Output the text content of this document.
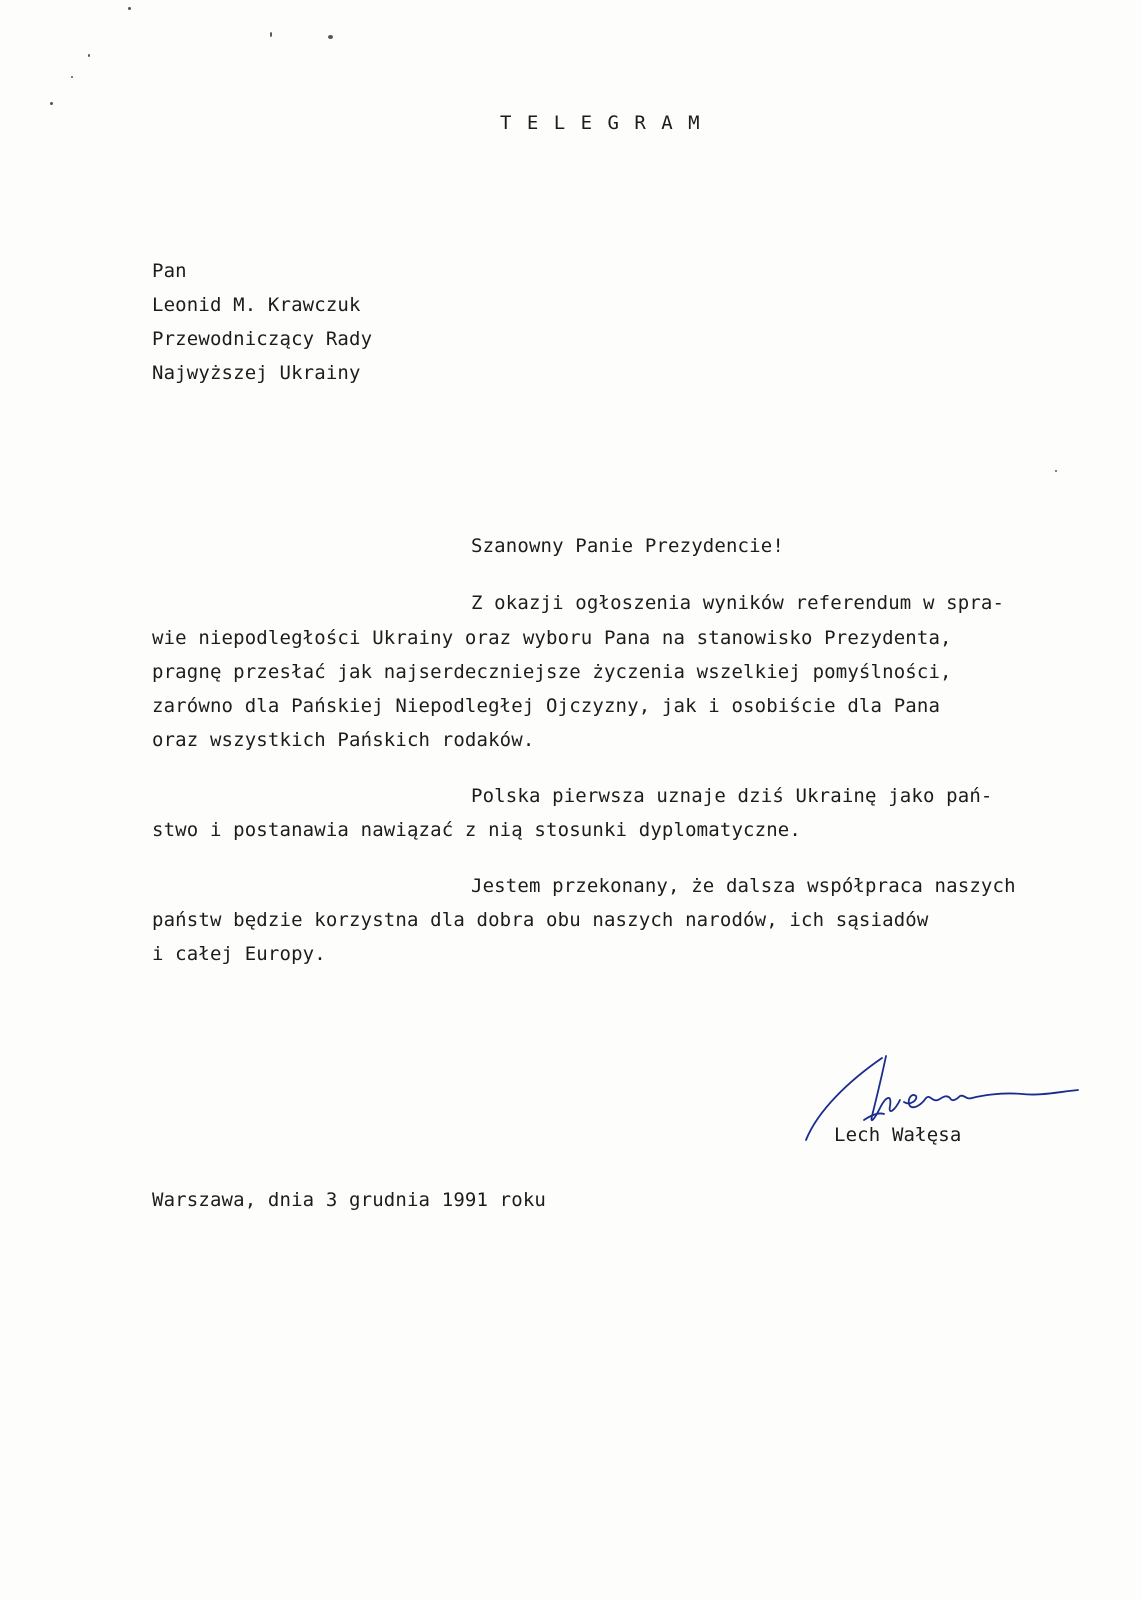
T E L E G R A M
Pan
Leonid M. Krawczuk
Przewodniczący Rady
Najwyższej Ukrainy
Szanowny Panie Prezydencie!
Z okazji ogłoszenia wyników referendum w spra-
wie niepodległości Ukrainy oraz wyboru Pana na stanowisko Prezydenta,
pragnę przesłać jak najserdeczniejsze życzenia wszelkiej pomyślności,
zarówno dla Pańskiej Niepodległej Ojczyzny, jak i osobiście dla Pana
oraz wszystkich Pańskich rodaków.
Polska pierwsza uznaje dziś Ukrainę jako pań-
stwo i postanawia nawiązać z nią stosunki dyplomatyczne.
Jestem przekonany, że dalsza współpraca naszych
państw będzie korzystna dla dobra obu naszych narodów, ich sąsiadów
i całej Europy.
Lech Wałęsa
Warszawa, dnia 3 grudnia 1991 roku
